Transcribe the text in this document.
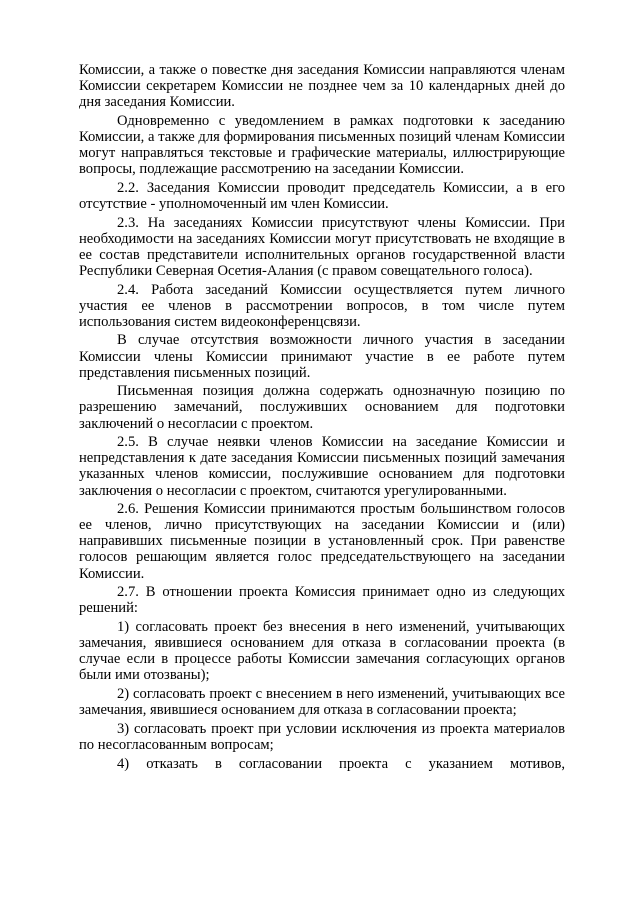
Комиссии, а также о повестке дня заседания Комиссии направляются членам Комиссии секретарем Комиссии не позднее чем за 10 календарных дней до дня заседания Комиссии.

Одновременно с уведомлением в рамках подготовки к заседанию Комиссии, а также для формирования письменных позиций членам Комиссии могут направляться текстовые и графические материалы, иллюстрирующие вопросы, подлежащие рассмотрению на заседании Комиссии.

2.2. Заседания Комиссии проводит председатель Комиссии, а в его отсутствие - уполномоченный им член Комиссии.

2.3. На заседаниях Комиссии присутствуют члены Комиссии. При необходимости на заседаниях Комиссии могут присутствовать не входящие в ее состав представители исполнительных органов государственной власти Республики Северная Осетия-Алания (с правом совещательного голоса).

2.4. Работа заседаний Комиссии осуществляется путем личного участия ее членов в рассмотрении вопросов, в том числе путем использования систем видеоконференцсвязи.

В случае отсутствия возможности личного участия в заседании Комиссии члены Комиссии принимают участие в ее работе путем представления письменных позиций.

Письменная позиция должна содержать однозначную позицию по разрешению замечаний, послуживших основанием для подготовки заключений о несогласии с проектом.

2.5. В случае неявки членов Комиссии на заседание Комиссии и непредставления к дате заседания Комиссии письменных позиций замечания указанных членов комиссии, послужившие основанием для подготовки заключения о несогласии с проектом, считаются урегулированными.

2.6. Решения Комиссии принимаются простым большинством голосов ее членов, лично присутствующих на заседании Комиссии и (или) направивших письменные позиции в установленный срок. При равенстве голосов решающим является голос председательствующего на заседании Комиссии.

2.7. В отношении проекта Комиссия принимает одно из следующих решений:

1) согласовать проект без внесения в него изменений, учитывающих замечания, явившиеся основанием для отказа в согласовании проекта (в случае если в процессе работы Комиссии замечания согласующих органов были ими отозваны);

2) согласовать проект с внесением в него изменений, учитывающих все замечания, явившиеся основанием для отказа в согласовании проекта;

3) согласовать проект при условии исключения из проекта материалов по несогласованным вопросам;

4) отказать в согласовании проекта с указанием мотивов,
